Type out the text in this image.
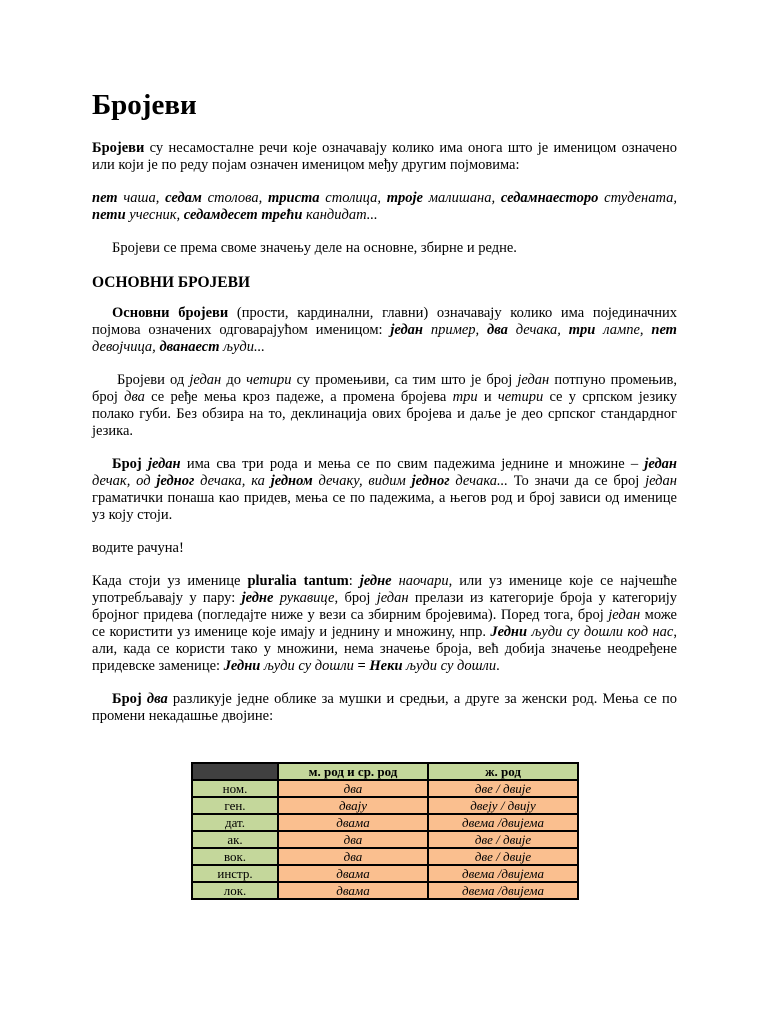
Бројеви

Бројеви су несамосталне речи које означавају колико има онога што је именицом означено или који је по реду појам означен именицом међу другим појмовима:

пет чаша, седам столова, триста столица, троје малишана, седамнаесторо студената, пети учесник, седамдесет трећи кандидат...

Бројеви се према своме значењу деле на основне, збирне и редне.

ОСНОВНИ БРОЈЕВИ

Основни бројеви (прости, кардинални, главни) означавају колико има појединачних појмова означених одговарајућом именицом: један пример, два дечака, три лампе, пет девојчица, дванаест људи...

Бројеви од један до четири су промењиви, са тим што је број један потпуно промењив, број два се ређе мења кроз падеже, а промена бројева три и четири се у српском језику полако губи. Без обзира на то, деклинација ових бројева и даље је део српског стандардног језика.

Број један има сва три рода и мења се по свим падежима једнине и множине – један дечак, од једног дечака, ка једном дечаку, видим једног дечака... То значи да се број један граматички понаша као придев, мења се по падежима, а његов род и број зависи од именице уз коју стоји.

водите рачуна!

Када стоји уз именице pluralia tantum: једне наочари, или уз именице које се најчешће употребљавају у пару: једне рукавице, број један прелази из категорије броја у категорију бројног придева (погледајте ниже у вези са збирним бројевима). Поред тога, број један може се користити уз именице које имају и једнину и множину, нпр. Једни људи су дошли код нас, али, када се користи тако у множини, нема значење броја, већ добија значење неодређене придевске заменице: Једни људи су дошли = Неки људи су дошли.

Број два разликује једне облике за мушки и средњи, а друге за женски род. Мења се по промени некадашње двојине:

	м. род и ср. род	ж. род
ном.	два	две / двије
ген.	двају	двеју / двију
дат.	двама	двема /двијема
ак.	два	две / двије
вок.	два	две / двије
инстр.	двама	двема /двијема
лок.	двама	двема /двијема
